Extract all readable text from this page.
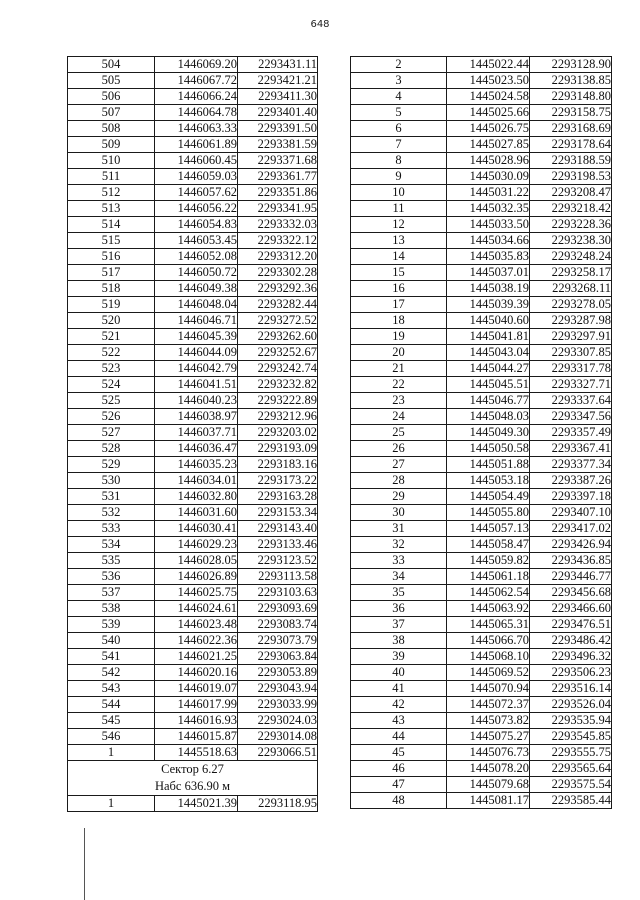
648
504	1446069.20	2293431.11
505	1446067.72	2293421.21
506	1446066.24	2293411.30
507	1446064.78	2293401.40
508	1446063.33	2293391.50
509	1446061.89	2293381.59
510	1446060.45	2293371.68
511	1446059.03	2293361.77
512	1446057.62	2293351.86
513	1446056.22	2293341.95
514	1446054.83	2293332.03
515	1446053.45	2293322.12
516	1446052.08	2293312.20
517	1446050.72	2293302.28
518	1446049.38	2293292.36
519	1446048.04	2293282.44
520	1446046.71	2293272.52
521	1446045.39	2293262.60
522	1446044.09	2293252.67
523	1446042.79	2293242.74
524	1446041.51	2293232.82
525	1446040.23	2293222.89
526	1446038.97	2293212.96
527	1446037.71	2293203.02
528	1446036.47	2293193.09
529	1446035.23	2293183.16
530	1446034.01	2293173.22
531	1446032.80	2293163.28
532	1446031.60	2293153.34
533	1446030.41	2293143.40
534	1446029.23	2293133.46
535	1446028.05	2293123.52
536	1446026.89	2293113.58
537	1446025.75	2293103.63
538	1446024.61	2293093.69
539	1446023.48	2293083.74
540	1446022.36	2293073.79
541	1446021.25	2293063.84
542	1446020.16	2293053.89
543	1446019.07	2293043.94
544	1446017.99	2293033.99
545	1446016.93	2293024.03
546	1446015.87	2293014.08
1	1445518.63	2293066.51

Сектор 6.27
Набс 636.90 м		

1	1445021.39	2293118.95
2	1445022.44	2293128.90
3	1445023.50	2293138.85
4	1445024.58	2293148.80
5	1445025.66	2293158.75
6	1445026.75	2293168.69
7	1445027.85	2293178.64
8	1445028.96	2293188.59
9	1445030.09	2293198.53
10	1445031.22	2293208.47
11	1445032.35	2293218.42
12	1445033.50	2293228.36
13	1445034.66	2293238.30
14	1445035.83	2293248.24
15	1445037.01	2293258.17
16	1445038.19	2293268.11
17	1445039.39	2293278.05
18	1445040.60	2293287.98
19	1445041.81	2293297.91
20	1445043.04	2293307.85
21	1445044.27	2293317.78
22	1445045.51	2293327.71
23	1445046.77	2293337.64
24	1445048.03	2293347.56
25	1445049.30	2293357.49
26	1445050.58	2293367.41
27	1445051.88	2293377.34
28	1445053.18	2293387.26
29	1445054.49	2293397.18
30	1445055.80	2293407.10
31	1445057.13	2293417.02
32	1445058.47	2293426.94
33	1445059.82	2293436.85
34	1445061.18	2293446.77
35	1445062.54	2293456.68
36	1445063.92	2293466.60
37	1445065.31	2293476.51
38	1445066.70	2293486.42
39	1445068.10	2293496.32
40	1445069.52	2293506.23
41	1445070.94	2293516.14
42	1445072.37	2293526.04
43	1445073.82	2293535.94
44	1445075.27	2293545.85
45	1445076.73	2293555.75
46	1445078.20	2293565.64
47	1445079.68	2293575.54
48	1445081.17	2293585.44
